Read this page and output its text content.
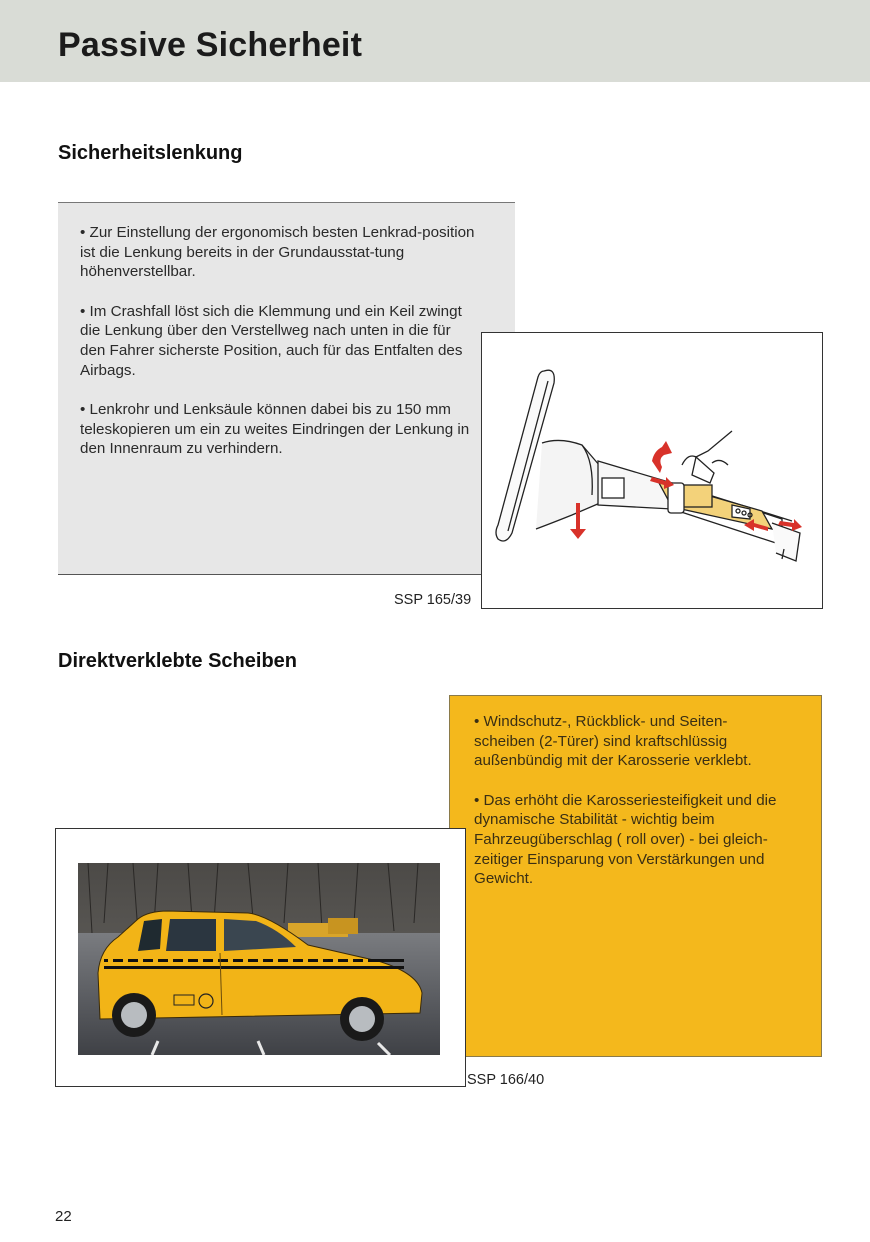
Passive Sicherheit
Sicherheitslenkung

• Zur Einstellung der ergonomisch besten Lenkrad-position ist die Lenkung bereits in der Grundausstat-tung höhenverstellbar.

• Im Crashfall löst sich die Klemmung und ein Keil zwingt die Lenkung über den Verstellweg nach unten in die für den Fahrer sicherste Position, auch für das Entfalten des Airbags.

• Lenkrohr und Lenksäule können dabei bis zu 150 mm teleskopieren um ein zu weites Eindringen der Lenkung in den Innenraum zu verhindern.

SSP 165/39
Direktverklebte Scheiben

• Windschutz-, Rückblick- und Seiten-scheiben (2-Türer) sind kraftschlüssig außenbündig mit der Karosserie verklebt.

• Das erhöht die Karosseriesteifigkeit und die dynamische Stabilität - wichtig beim Fahrzeugüberschlag ( roll over) - bei gleich-zeitiger Einsparung von Verstärkungen und Gewicht.

SSP 166/40
22
